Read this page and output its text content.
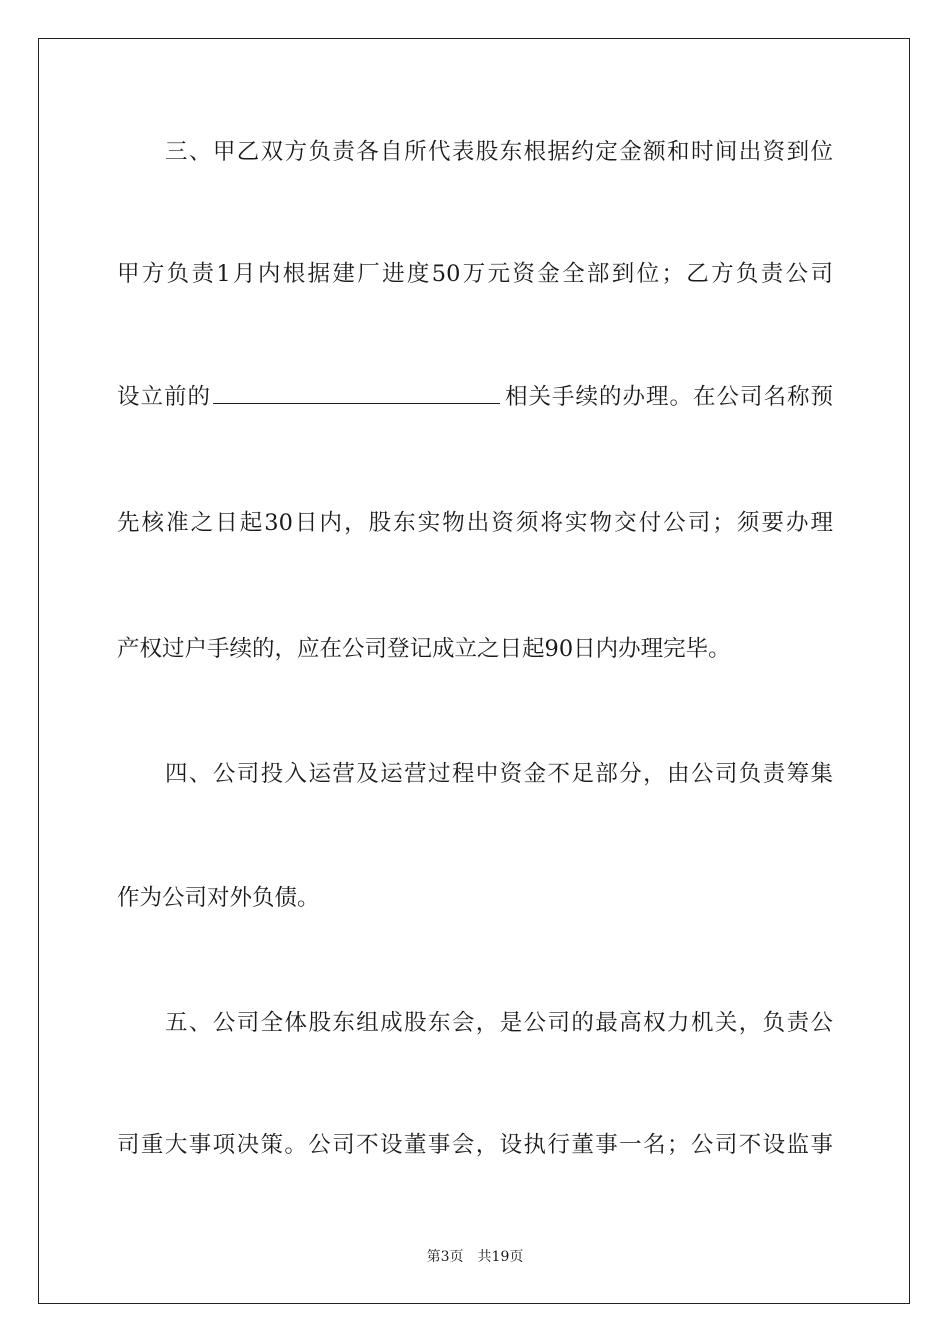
三、甲乙双方负责各自所代表股东根据约定金额和时间出资到位
甲方负责1月内根据建厂进度50万元资金全部到位；乙方负责公司
设立前的	相关手续的办理。在公司名称预
先核准之日起30日内，股东实物出资须将实物交付公司；须要办理
产权过户手续的，应在公司登记成立之日起90日内办理完毕。
四、公司投入运营及运营过程中资金不足部分，由公司负责筹集
作为公司对外负债。
五、公司全体股东组成股东会，是公司的最高权力机关，负责公
司重大事项决策。公司不设董事会，设执行董事一名；公司不设监事
第3页 共19页
